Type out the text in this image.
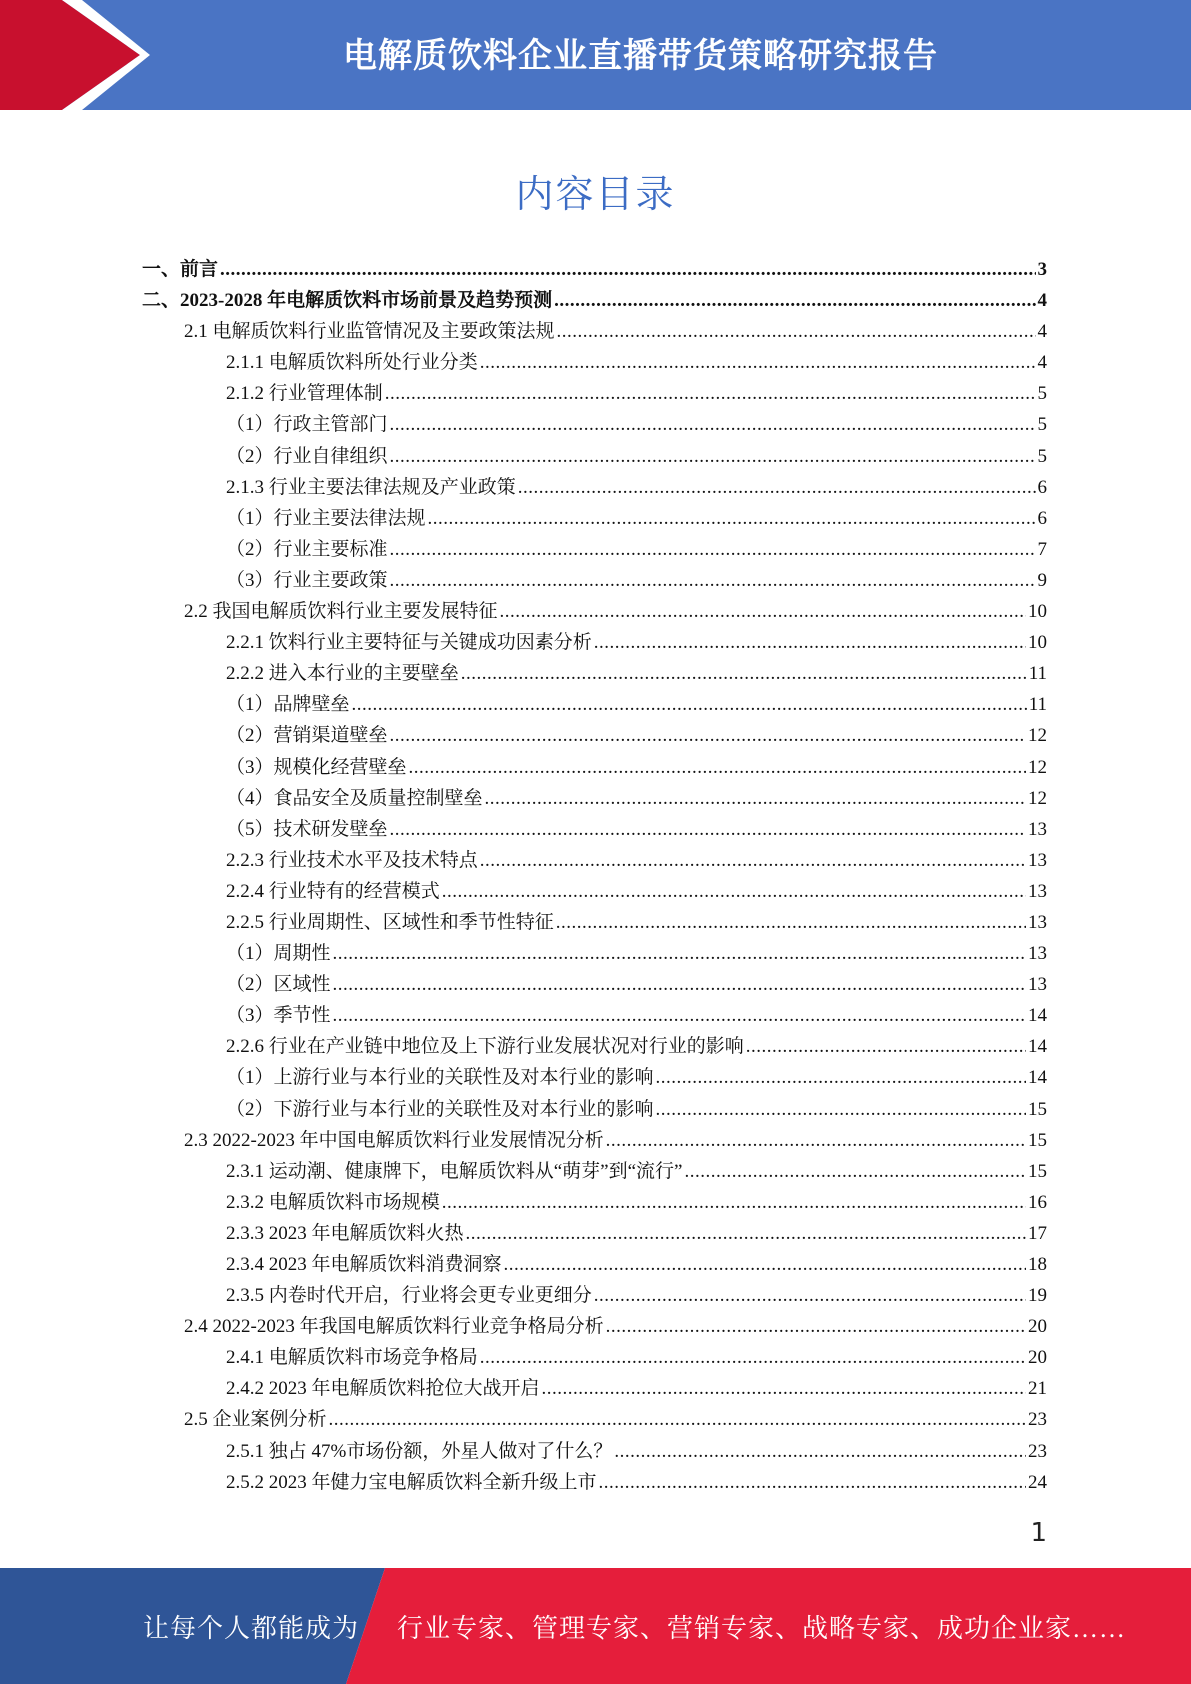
电解质饮料企业直播带货策略研究报告
内容目录
一、前言 .....	3
二、2023-2028 年电解质饮料市场前景及趋势预测 .....	4
2.1 电解质饮料行业监管情况及主要政策法规 .....	4
2.1.1 电解质饮料所处行业分类 .....	4
2.1.2 行业管理体制 .....	5
（1）行政主管部门 .....	5
（2）行业自律组织 .....	5
2.1.3 行业主要法律法规及产业政策 .....	6
（1）行业主要法律法规 .....	6
（2）行业主要标准 .....	7
（3）行业主要政策 .....	9
2.2 我国电解质饮料行业主要发展特征 .....	10
2.2.1 饮料行业主要特征与关键成功因素分析 .....	10
2.2.2 进入本行业的主要壁垒 .....	11
（1）品牌壁垒 .....	11
（2）营销渠道壁垒 .....	12
（3）规模化经营壁垒 .....	12
（4）食品安全及质量控制壁垒 .....	12
（5）技术研发壁垒 .....	13
2.2.3 行业技术水平及技术特点 .....	13
2.2.4 行业特有的经营模式 .....	13
2.2.5 行业周期性、区域性和季节性特征 .....	13
（1）周期性 .....	13
（2）区域性 .....	13
（3）季节性 .....	14
2.2.6 行业在产业链中地位及上下游行业发展状况对行业的影响 .....	14
（1）上游行业与本行业的关联性及对本行业的影响 .....	14
（2）下游行业与本行业的关联性及对本行业的影响 .....	15
2.3 2022-2023 年中国电解质饮料行业发展情况分析 .....	15
2.3.1 运动潮、健康牌下，电解质饮料从“萌芽”到“流行” .....	15
2.3.2 电解质饮料市场规模 .....	16
2.3.3 2023 年电解质饮料火热 .....	17
2.3.4 2023 年电解质饮料消费洞察 .....	18
2.3.5 内卷时代开启，行业将会更专业更细分 .....	19
2.4 2022-2023 年我国电解质饮料行业竞争格局分析 .....	20
2.4.1 电解质饮料市场竞争格局 .....	20
2.4.2 2023 年电解质饮料抢位大战开启 .....	21
2.5 企业案例分析 .....	23
2.5.1 独占 47%市场份额，外星人做对了什么？ .....	23
2.5.2 2023 年健力宝电解质饮料全新升级上市 .....	24
1
让每个人都能成为 行业专家、管理专家、营销专家、战略专家、成功企业家……
